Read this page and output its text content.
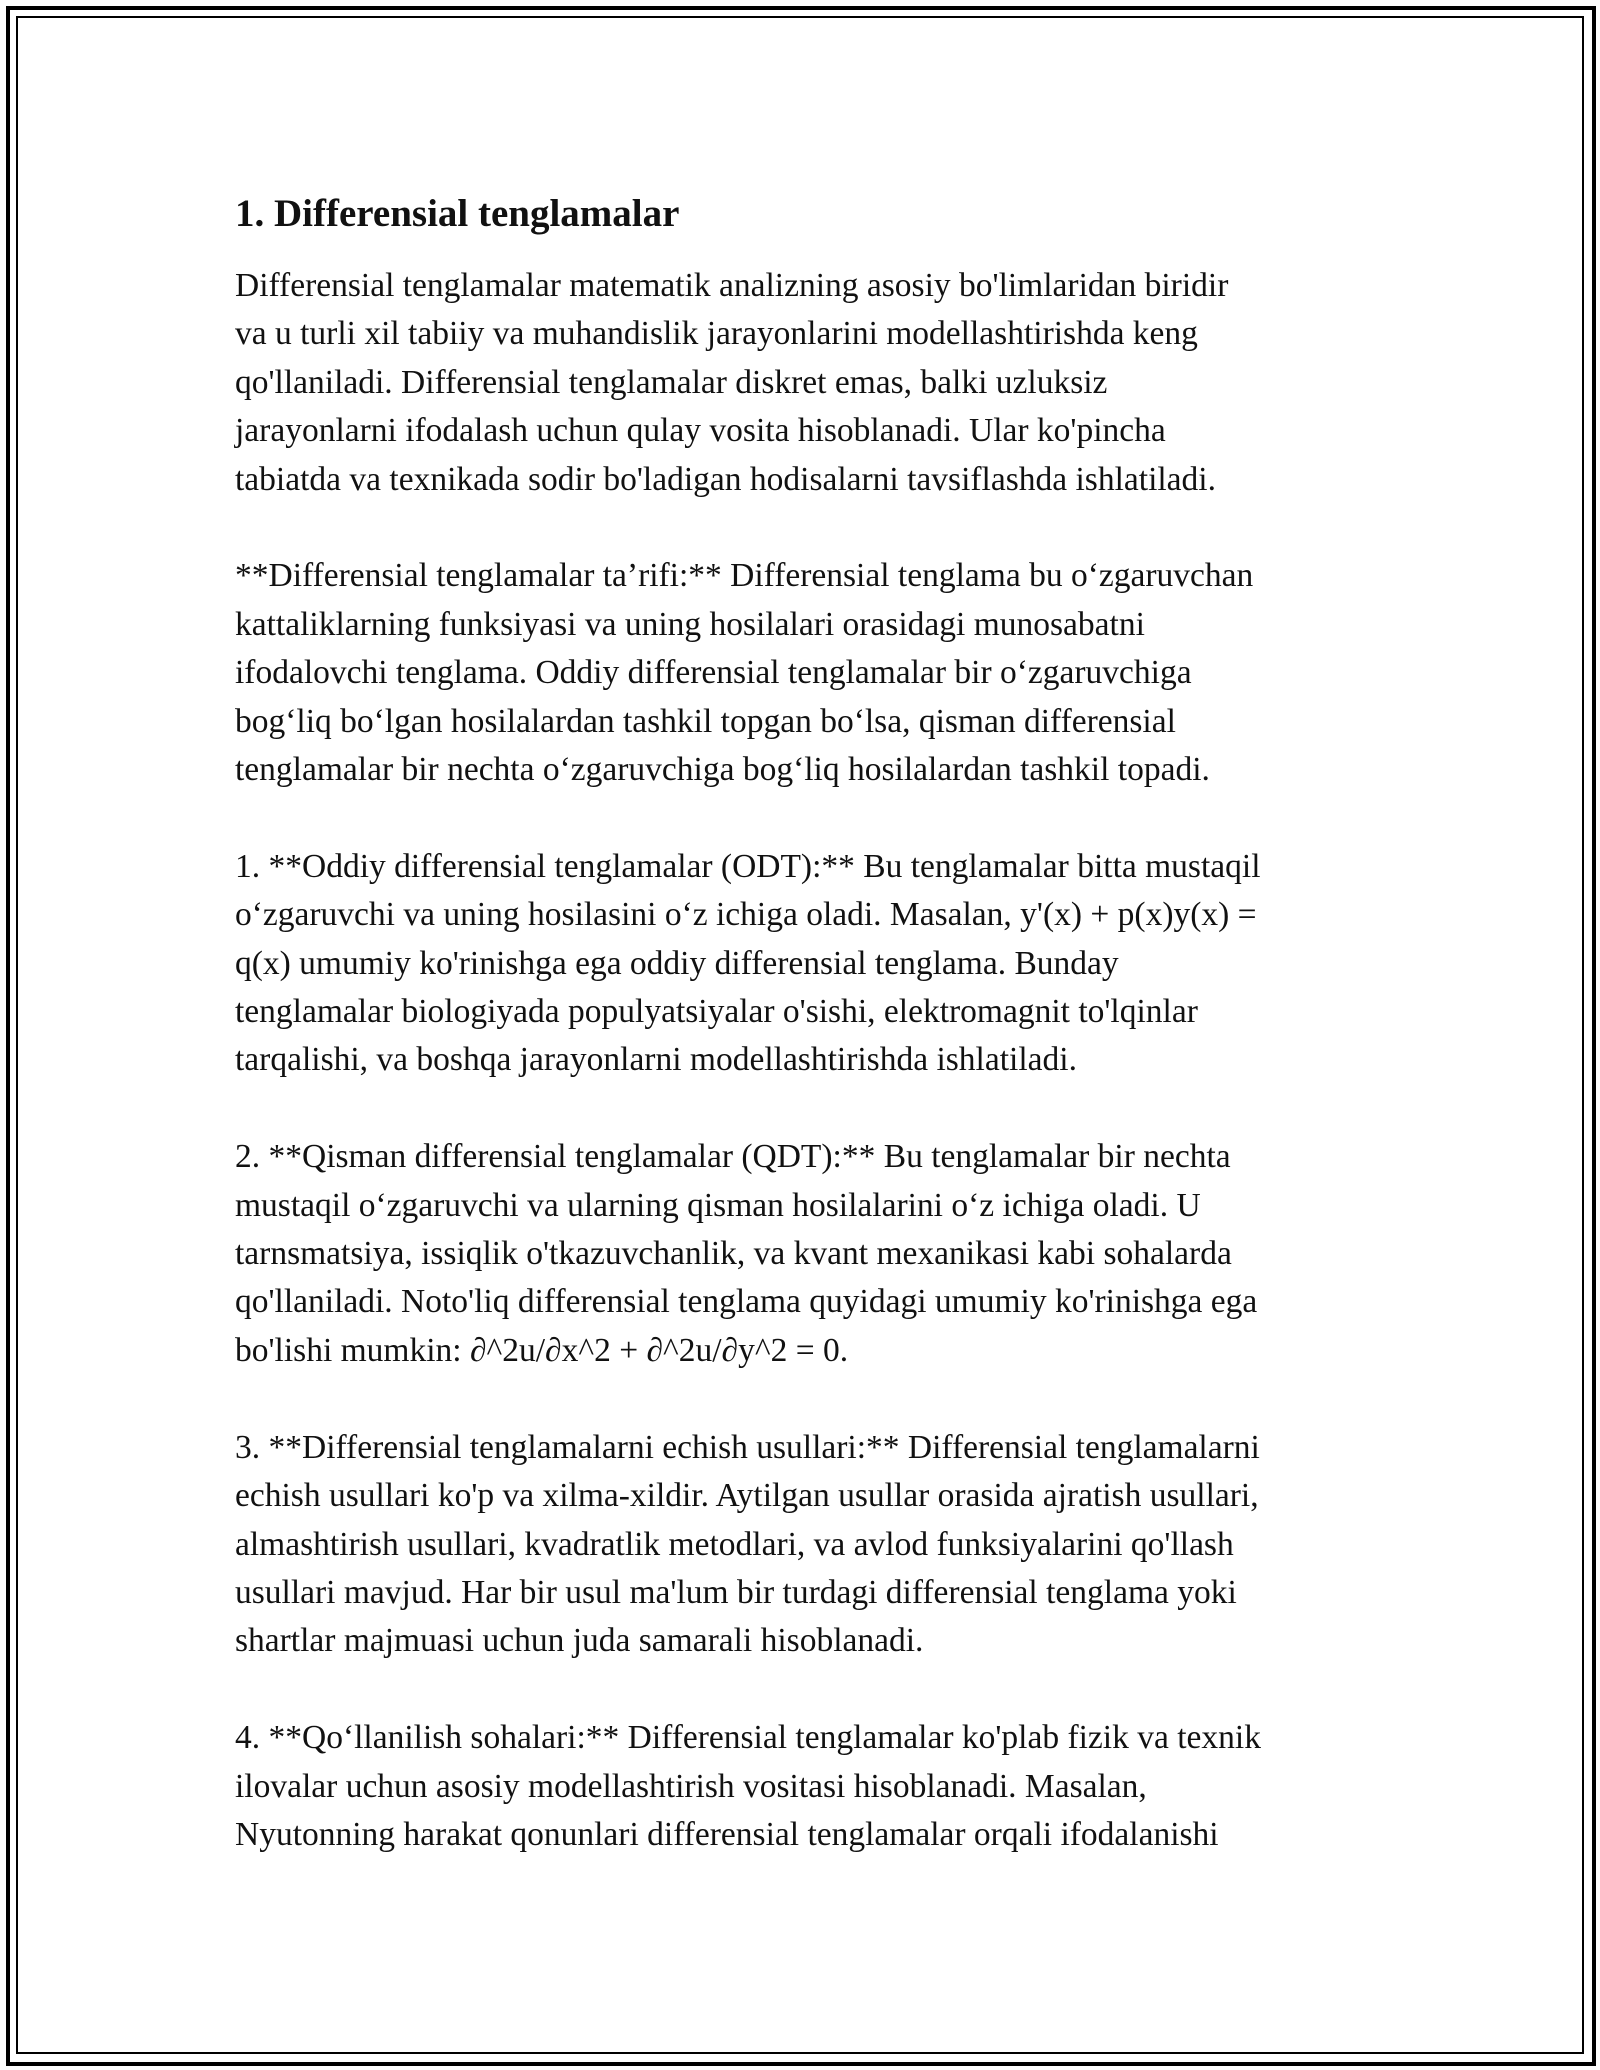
1. Differensial tenglamalar

Differensial tenglamalar matematik analizning asosiy bo'limlaridan biridir
va u turli xil tabiiy va muhandislik jarayonlarini modellashtirishda keng
qo'llaniladi. Differensial tenglamalar diskret emas, balki uzluksiz
jarayonlarni ifodalash uchun qulay vosita hisoblanadi. Ular ko'pincha
tabiatda va texnikada sodir bo'ladigan hodisalarni tavsiflashda ishlatiladi.

**Differensial tenglamalar ta’rifi:** Differensial tenglama bu o‘zgaruvchan
kattaliklarning funksiyasi va uning hosilalari orasidagi munosabatni
ifodalovchi tenglama. Oddiy differensial tenglamalar bir o‘zgaruvchiga
bog‘liq bo‘lgan hosilalardan tashkil topgan bo‘lsa, qisman differensial
tenglamalar bir nechta o‘zgaruvchiga bog‘liq hosilalardan tashkil topadi.

1. **Oddiy differensial tenglamalar (ODT):** Bu tenglamalar bitta mustaqil
o‘zgaruvchi va uning hosilasini o‘z ichiga oladi. Masalan, y'(x) + p(x)y(x) =
q(x) umumiy ko'rinishga ega oddiy differensial tenglama. Bunday
tenglamalar biologiyada populyatsiyalar o'sishi, elektromagnit to'lqinlar
tarqalishi, va boshqa jarayonlarni modellashtirishda ishlatiladi.

2. **Qisman differensial tenglamalar (QDT):** Bu tenglamalar bir nechta
mustaqil o‘zgaruvchi va ularning qisman hosilalarini o‘z ichiga oladi. U
tarnsmatsiya, issiqlik o'tkazuvchanlik, va kvant mexanikasi kabi sohalarda
qo'llaniladi. Noto'liq differensial tenglama quyidagi umumiy ko'rinishga ega
bo'lishi mumkin: ∂^2u/∂x^2 + ∂^2u/∂y^2 = 0.

3. **Differensial tenglamalarni echish usullari:** Differensial tenglamalarni
echish usullari ko'p va xilma-xildir. Aytilgan usullar orasida ajratish usullari,
almashtirish usullari, kvadratlik metodlari, va avlod funksiyalarini qo'llash
usullari mavjud. Har bir usul ma'lum bir turdagi differensial tenglama yoki
shartlar majmuasi uchun juda samarali hisoblanadi.

4. **Qo‘llanilish sohalari:** Differensial tenglamalar ko'plab fizik va texnik
ilovalar uchun asosiy modellashtirish vositasi hisoblanadi. Masalan,
Nyutonning harakat qonunlari differensial tenglamalar orqali ifodalanishi
